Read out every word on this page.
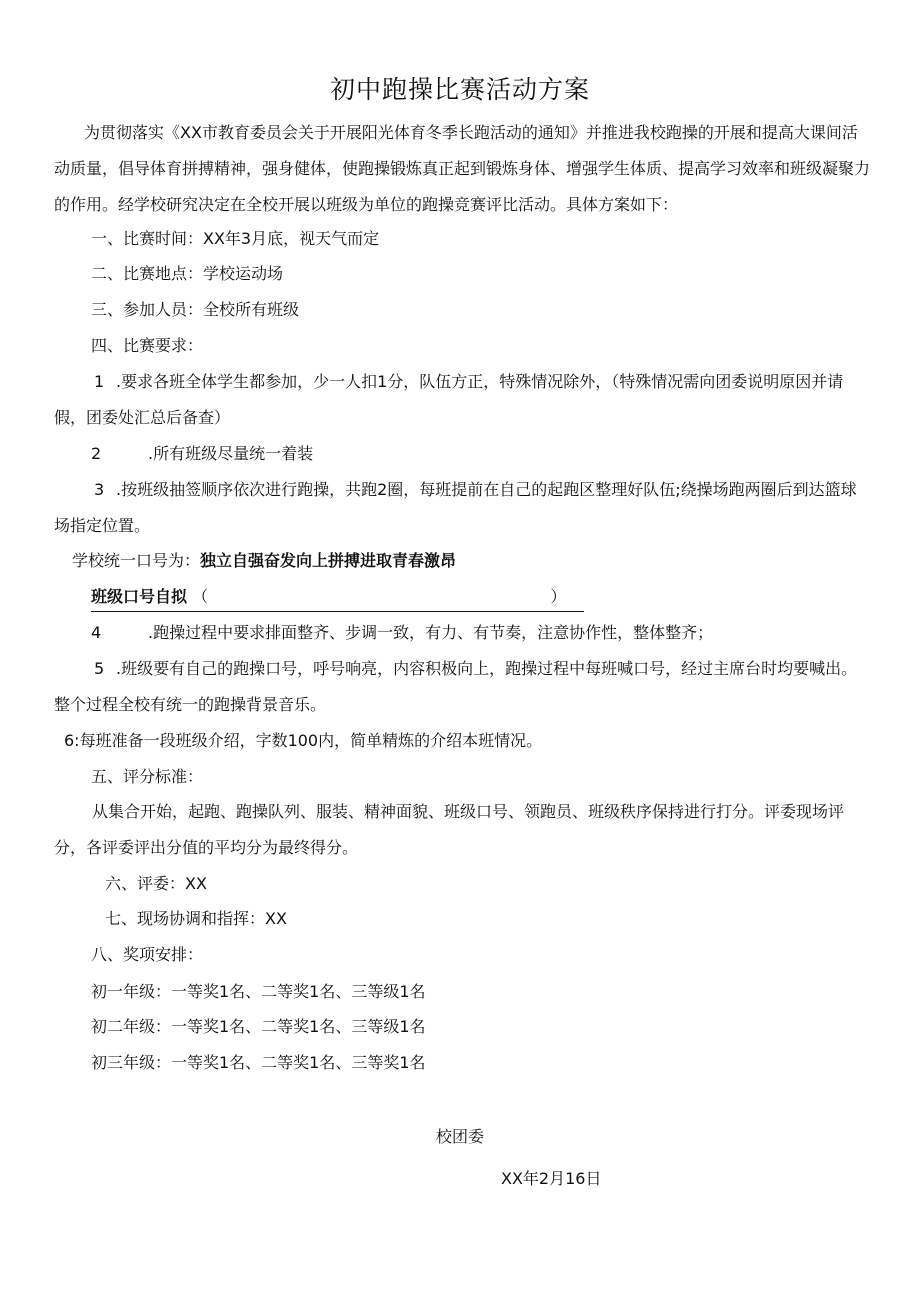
初中跑操比赛活动方案
为贯彻落实《XX市教育委员会关于开展阳光体育冬季长跑活动的通知》并推进我校跑操的开展和提高大课间活动质量，倡导体育拼搏精神，强身健体，使跑操锻炼真正起到锻炼身体、增强学生体质、提高学习效率和班级凝聚力的作用。经学校研究决定在全校开展以班级为单位的跑操竞赛评比活动。具体方案如下：
一、比赛时间：XX年3月底，视天气而定
二、比赛地点：学校运动场
三、参加人员：全校所有班级
四、比赛要求：
1 .要求各班全体学生都参加，少一人扣1分，队伍方正，特殊情况除外，（特殊情况需向团委说明原因并请假，团委处汇总后备查）
2	.所有班级尽量统一着装
3 .按班级抽签顺序依次进行跑操，共跑2圈，每班提前在自己的起跑区整理好队伍;绕操场跑两圈后到达篮球场指定位置。
学校统一口号为：独立自强奋发向上拼搏进取青春激昂
班级口号自拟 （	）
4	.跑操过程中要求排面整齐、步调一致，有力、有节奏，注意协作性，整体整齐；
5 .班级要有自己的跑操口号，呼号响亮，内容积极向上，跑操过程中每班喊口号，经过主席台时均要喊出。整个过程全校有统一的跑操背景音乐。
6:每班准备一段班级介绍，字数100内，简单精炼的介绍本班情况。
五、评分标准：
从集合开始，起跑、跑操队列、服装、精神面貌、班级口号、领跑员、班级秩序保持进行打分。评委现场评分，各评委评出分值的平均分为最终得分。
六、评委：XX
七、现场协调和指挥：XX
八、奖项安排：
初一年级：一等奖1名、二等奖1名、三等级1名
初二年级：一等奖1名、二等奖1名、三等级1名
初三年级：一等奖1名、二等奖1名、三等奖1名
校团委
XX年2月16日
